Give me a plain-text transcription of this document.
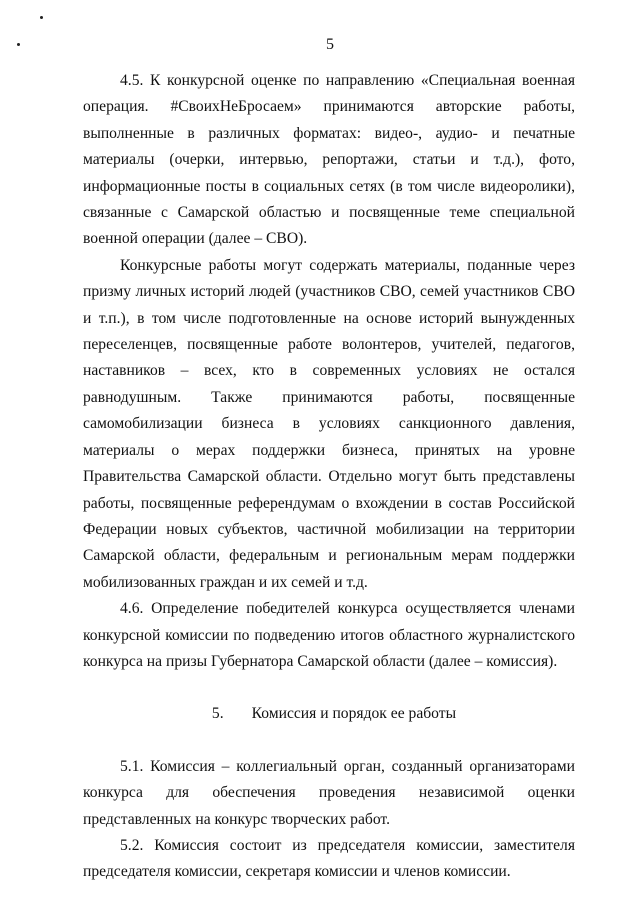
5

4.5. К конкурсной оценке по направлению «Специальная военная операция. #СвоихНеБросаем» принимаются авторские работы, выполненные в различных форматах: видео-, аудио- и печатные материалы (очерки, интервью, репортажи, статьи и т.д.), фото, информационные посты в социальных сетях (в том числе видеоролики), связанные с Самарской областью и посвященные теме специальной военной операции (далее – СВО).

Конкурсные работы могут содержать материалы, поданные через призму личных историй людей (участников СВО, семей участников СВО и т.п.), в том числе подготовленные на основе историй вынужденных переселенцев, посвященные работе волонтеров, учителей, педагогов, наставников – всех, кто в современных условиях не остался равнодушным. Также принимаются работы, посвященные самомобилизации бизнеса в условиях санкционного давления, материалы о мерах поддержки бизнеса, принятых на уровне Правительства Самарской области. Отдельно могут быть представлены работы, посвященные референдумам о вхождении в состав Российской Федерации новых субъектов, частичной мобилизации на территории Самарской области, федеральным и региональным мерам поддержки мобилизованных граждан и их семей и т.д.

4.6. Определение победителей конкурса осуществляется членами конкурсной комиссии по подведению итогов областного журналистского конкурса на призы Губернатора Самарской области (далее – комиссия).

5. Комиссия и порядок ее работы

5.1. Комиссия – коллегиальный орган, созданный организаторами конкурса для обеспечения проведения независимой оценки представленных на конкурс творческих работ.

5.2. Комиссия состоит из председателя комиссии, заместителя председателя комиссии, секретаря комиссии и членов комиссии.
